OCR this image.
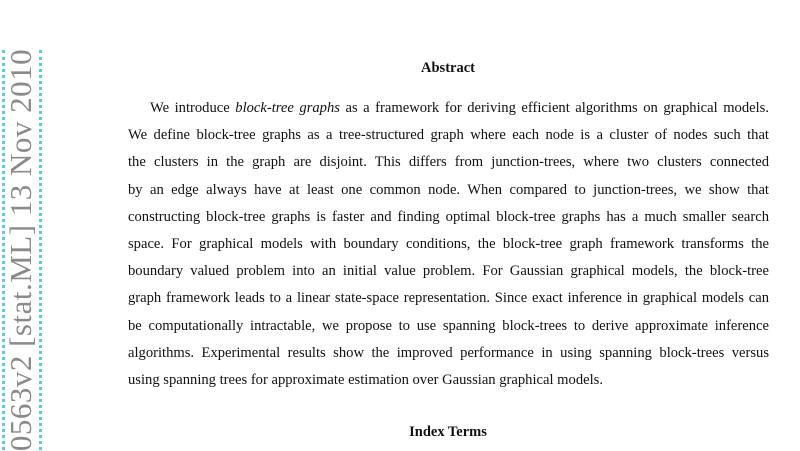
0563v2 [stat.ML] 13 Nov 2010	Abstract
We introduce block-tree graphs as a framework for deriving efficient algorithms on graphical models.
We define block-tree graphs as a tree-structured graph where each node is a cluster of nodes such that
the clusters in the graph are disjoint. This differs from junction-trees, where two clusters connected
by an edge always have at least one common node. When compared to junction-trees, we show that
constructing block-tree graphs is faster and finding optimal block-tree graphs has a much smaller search
space. For graphical models with boundary conditions, the block-tree graph framework transforms the
boundary valued problem into an initial value problem. For Gaussian graphical models, the block-tree
graph framework leads to a linear state-space representation. Since exact inference in graphical models can
be computationally intractable, we propose to use spanning block-trees to derive approximate inference
algorithms. Experimental results show the improved performance in using spanning block-trees versus
using spanning trees for approximate estimation over Gaussian graphical models.
Index Terms
